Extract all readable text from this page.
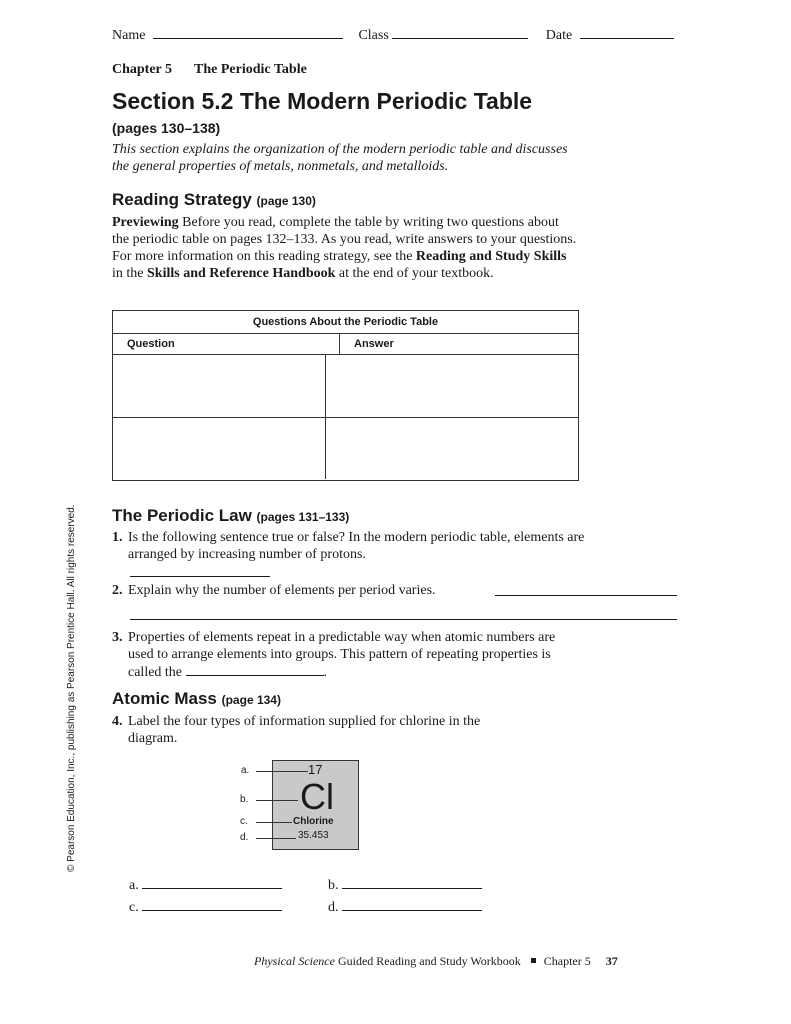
Name	Class	Date
Chapter 5 The Periodic Table
Section 5.2 The Modern Periodic Table
(pages 130–138)
This section explains the organization of the modern periodic table and discusses the general properties of metals, nonmetals, and metalloids.
Reading Strategy (page 130)
Previewing Before you read, complete the table by writing two questions about the periodic table on pages 132–133. As you read, write answers to your questions. For more information on this reading strategy, see the Reading and Study Skills in the Skills and Reference Handbook at the end of your textbook.
Questions About the Periodic Table
Question	Answer
The Periodic Law (pages 131–133)
1. Is the following sentence true or false? In the modern periodic table, elements are arranged by increasing number of protons.
2. Explain why the number of elements per period varies.
3. Properties of elements repeat in a predictable way when atomic numbers are used to arrange elements into groups. This pattern of repeating properties is called the	.
Atomic Mass (page 134)
4. Label the four types of information supplied for chlorine in the diagram.
17
Cl
Chlorine
35.453
a.
b.
c.
d.
a.	b.
c.	d.
© Pearson Education, Inc., publishing as Pearson Prentice Hall. All rights reserved.
Physical Science Guided Reading and Study Workbook Chapter 5 37
